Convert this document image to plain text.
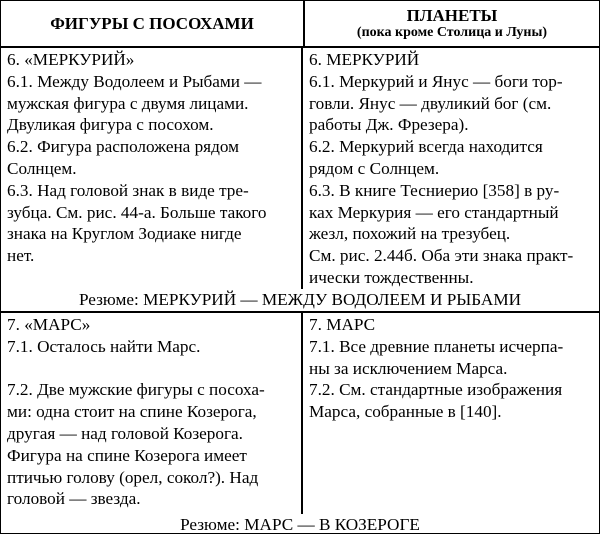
ФИГУРЫ С ПОСОХАМИ	ПЛАНЕТЫ
(пока кроме Столица и Луны)
6. «МЕРКУРИЙ»
6.1. Между Водолеем и Рыбами —
мужская фигура с двумя лицами.
Двуликая фигура с посохом.
6.2. Фигура расположена рядом
Солнцем.
6.3. Над головой знак в виде тре-
зубца. См. рис. 44-а. Больше такого
знака на Круглом Зодиаке нигде
нет.
6. МЕРКУРИЙ
6.1. Меркурий и Янус — боги тор-
говли. Янус — двуликий бог (см.
работы Дж. Фрезера).
6.2. Меркурий всегда находится
рядом с Солнцем.
6.3. В книге Тесниерио [358] в ру-
ках Меркурия — его стандартный
жезл, похожий на трезубец.
См. рис. 2.44б. Оба эти знака практ-
ически тождественны.
Резюме: МЕРКУРИЙ — МЕЖДУ ВОДОЛЕЕМ И РЫБАМИ
7. «МАРС»
7.1. Осталось найти Марс.

7.2. Две мужские фигуры с посоха-
ми: одна стоит на спине Козерога,
другая — над головой Козерога.
Фигура на спине Козерога имеет
птичью голову (орел, сокол?). Над
головой — звезда.
7. МАРС
7.1. Все древние планеты исчерпа-
ны за исключением Марса.
7.2. См. стандартные изображения
Марса, собранные в [140].
Резюме: МАРС — В КОЗЕРОГЕ
